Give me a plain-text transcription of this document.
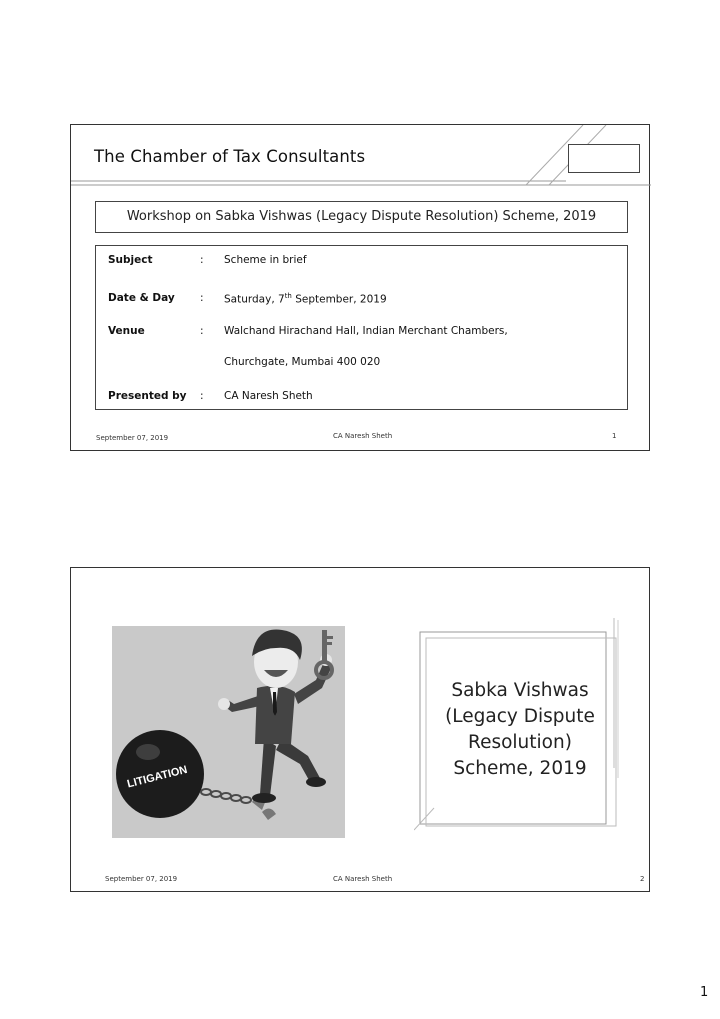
The Chamber of Tax Consultants
Workshop on Sabka Vishwas (Legacy Dispute Resolution) Scheme, 2019
Subject	: Scheme in brief
Date & Day : Saturday, 7th September, 2019
Venue	: Walchand Hirachand Hall, Indian Merchant Chambers,
Churchgate, Mumbai 400 020
Presented by : CA Naresh Sheth
September 07, 2019	CA Naresh Sheth	1
LITIGATION
Sabka Vishwas
(Legacy Dispute
Resolution)
Scheme, 2019
September 07, 2019	CA Naresh Sheth	2
1
